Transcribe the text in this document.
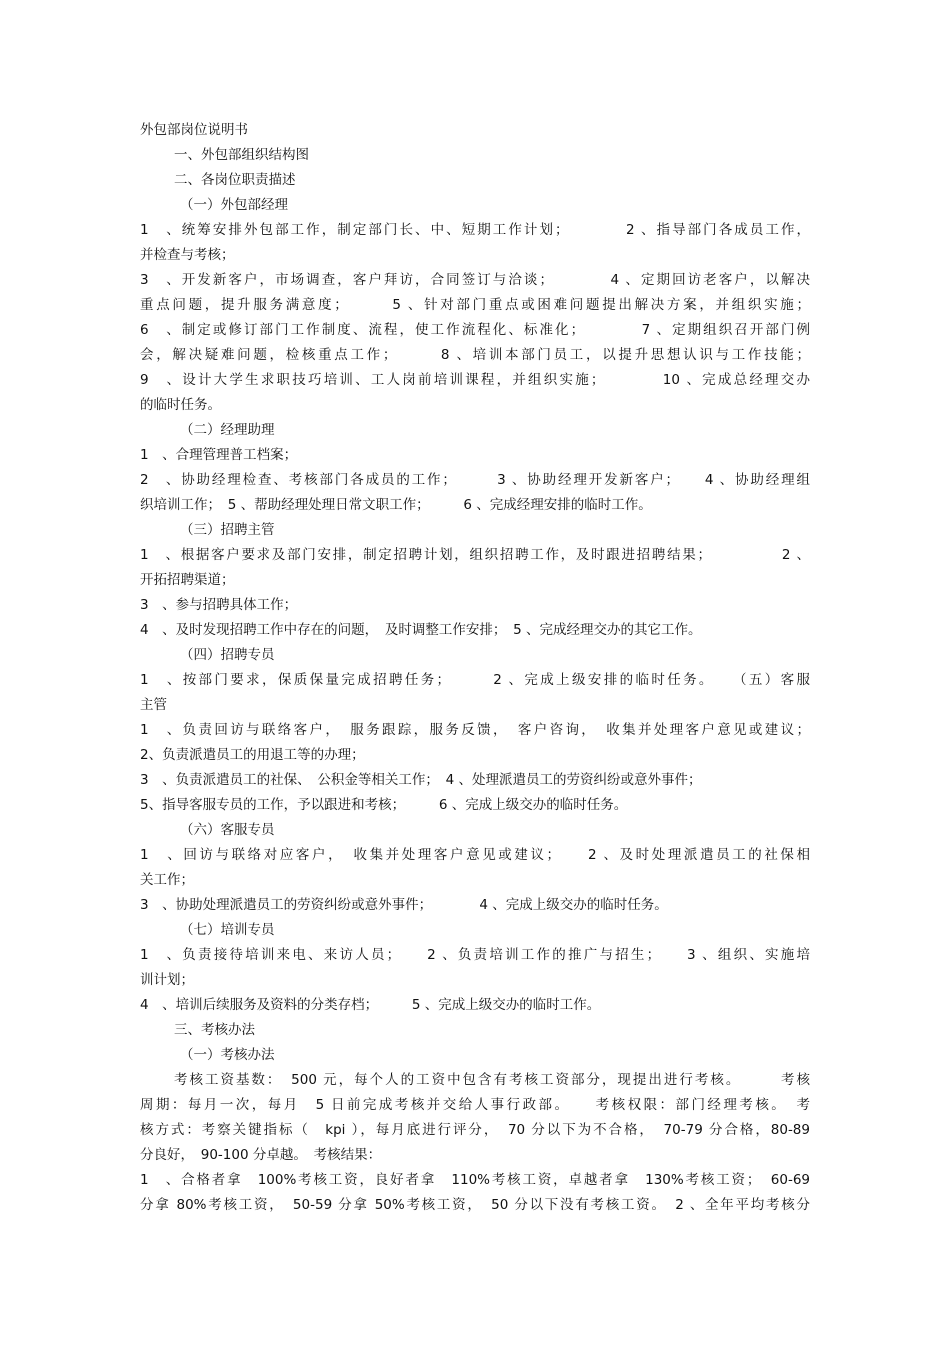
外包部岗位说明书
一、外包部组织结构图
二、各岗位职责描述
（一）外包部经理
1　、统筹安排外包部工作，制定部门长、中、短期工作计划；　　　　2 、指导部门各成员工作，
并检查与考核；
3　、开发新客户，市场调查，客户拜访，合同签订与洽谈；　　　　4 、定期回访老客户，以解决
重点问题，提升服务满意度；　　　5 、针对部门重点或困难问题提出解决方案，并组织实施；
6　、制定或修订部门工作制度、流程，使工作流程化、标准化；　　　　7 、定期组织召开部门例
会，解决疑难问题，检核重点工作；　　　8 、培训本部门员工，以提升思想认识与工作技能；
9　、设计大学生求职技巧培训、工人岗前培训课程，并组织实施；　　　　10 、完成总经理交办
的临时任务。
（二）经理助理
1　、合理管理普工档案；
2　、协助经理检查、考核部门各成员的工作；　　　3 、协助经理开发新客户；　　4 、协助经理组
织培训工作；　5 、帮助经理处理日常文职工作；　　　6 、完成经理安排的临时工作。
（三）招聘主管
1　、根据客户要求及部门安排，制定招聘计划，组织招聘工作，及时跟进招聘结果；　　　　　2 、
开拓招聘渠道；
3　、参与招聘具体工作；
4　、及时发现招聘工作中存在的问题，　及时调整工作安排；　5 、完成经理交办的其它工作。
（四）招聘专员
1　、按部门要求，保质保量完成招聘任务；　　　2 、完成上级安排的临时任务。　　（五）客服
主管
1　、负责回访与联络客户，　服务跟踪，服务反馈，　客户咨询，　收集并处理客户意见或建议；
2、负责派遣员工的用退工等的办理；
3　、负责派遣员工的社保、　公积金等相关工作；　4 、处理派遣员工的劳资纠纷或意外事件；
5、指导客服专员的工作，予以跟进和考核；　　　6 、完成上级交办的临时任务。
（六）客服专员
1　、回访与联络对应客户，　收集并处理客户意见或建议；　　2 、及时处理派遣员工的社保相
关工作；
3　、协助处理派遣员工的劳资纠纷或意外事件；　　　　4 、完成上级交办的临时任务。
（七）培训专员
1　、负责接待培训来电、来访人员；　　2 、负责培训工作的推广与招生；　　3 、组织、实施培
训计划；
4　、培训后续服务及资料的分类存档；　　　5 、完成上级交办的临时工作。
三、考核办法
（一）考核办法
考核工资基数：　500 元，每个人的工资中包含有考核工资部分，现提出进行考核。　　　考核
周期：每月一次，每月　5 日前完成考核并交给人事行政部。　　考核权限：部门经理考核。　考
核方式：考察关键指标（　kpi ），每月底进行评分，　70 分以下为不合格，　70-79 分合格，80-89
分良好，　90-100 分卓越。　考核结果：
1　、合格者拿　100%考核工资，良好者拿　110%考核工资，卓越者拿　130%考核工资；　60-69
分拿 80%考核工资，　50-59 分拿 50%考核工资，　50 分以下没有考核工资。　2 、全年平均考核分
